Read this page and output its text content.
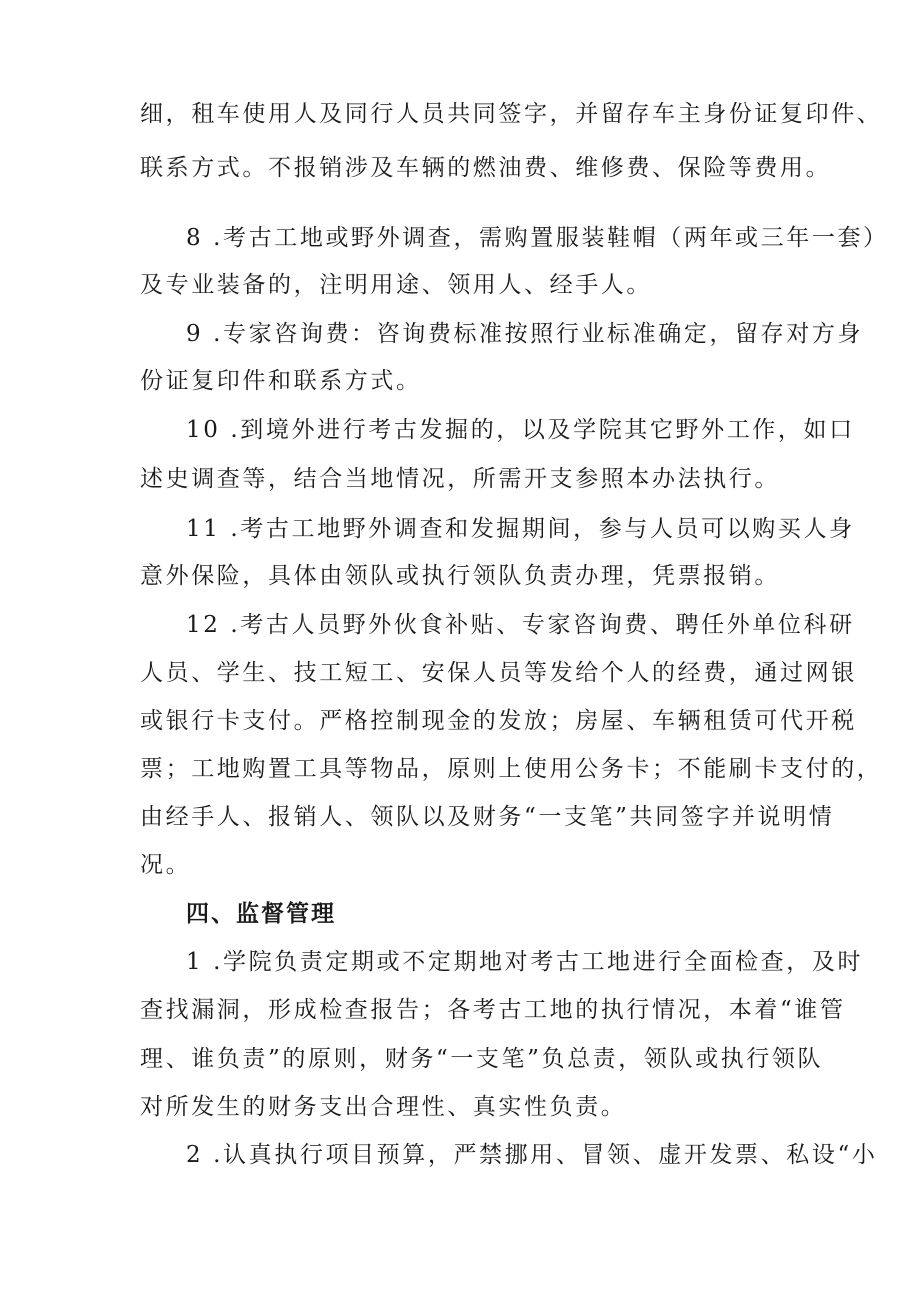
细，租车使用人及同行人员共同签字，并留存车主身份证复印件、
联系方式。不报销涉及车辆的燃油费、维修费、保险等费用。
8 .考古工地或野外调查，需购置服装鞋帽（两年或三年一套）
及专业装备的，注明用途、领用人、经手人。
9 .专家咨询费：咨询费标准按照行业标准确定，留存对方身
份证复印件和联系方式。
10 .到境外进行考古发掘的，以及学院其它野外工作，如口
述史调查等，结合当地情况，所需开支参照本办法执行。
11 .考古工地野外调查和发掘期间，参与人员可以购买人身
意外保险，具体由领队或执行领队负责办理，凭票报销。
12 .考古人员野外伙食补贴、专家咨询费、聘任外单位科研
人员、学生、技工短工、安保人员等发给个人的经费，通过网银
或银行卡支付。严格控制现金的发放；房屋、车辆租赁可代开税
票；工地购置工具等物品，原则上使用公务卡；不能刷卡支付的，
由经手人、报销人、领队以及财务“一支笔”共同签字并说明情
况。
四、监督管理
1 .学院负责定期或不定期地对考古工地进行全面检查，及时
查找漏洞，形成检查报告；各考古工地的执行情况，本着“谁管
理、谁负责”的原则，财务“一支笔”负总责，领队或执行领队
对所发生的财务支出合理性、真实性负责。
2 .认真执行项目预算，严禁挪用、冒领、虚开发票、私设“小
